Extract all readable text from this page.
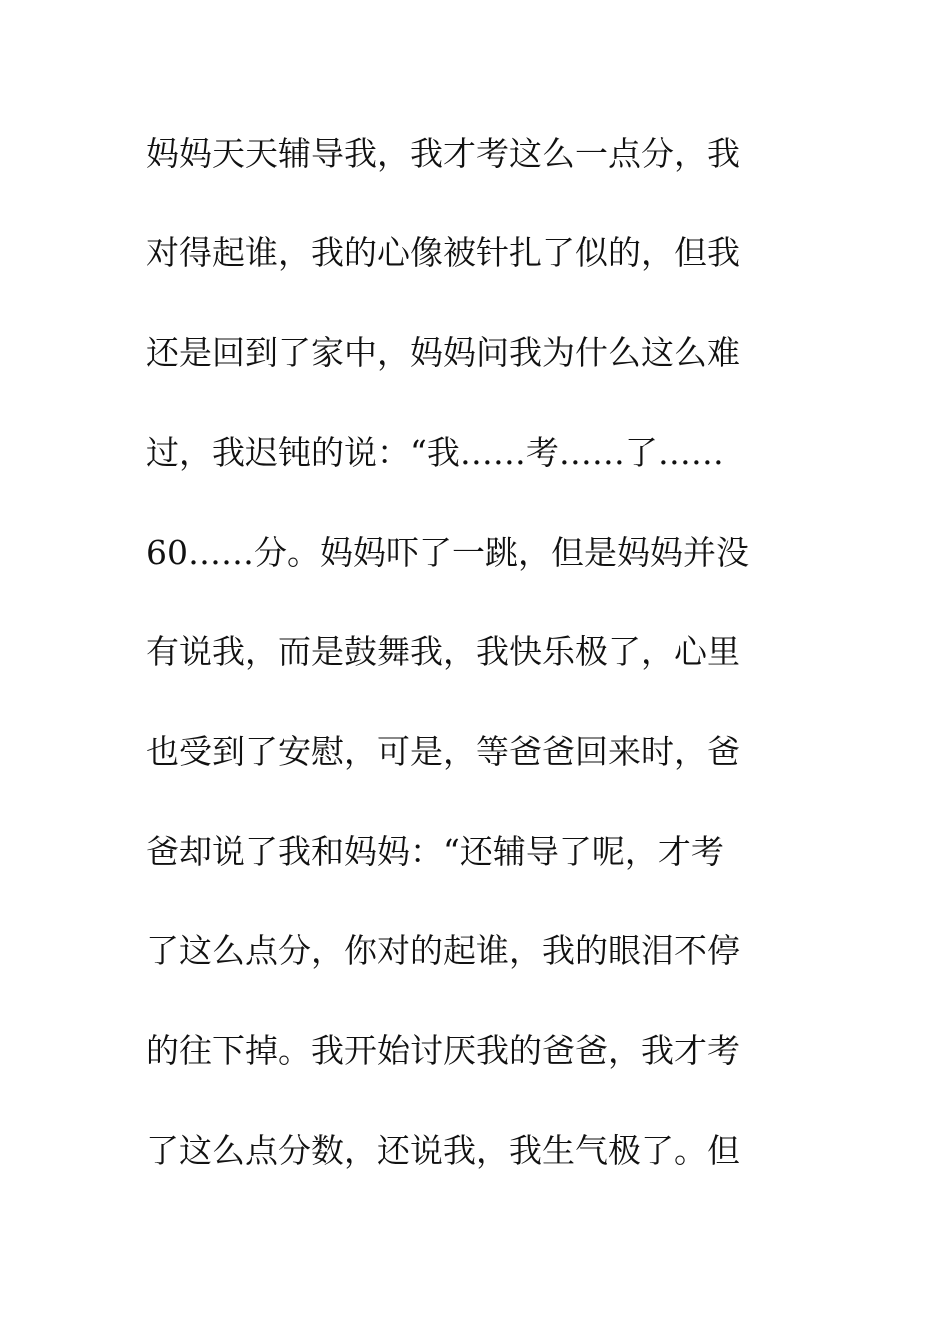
妈妈天天辅导我，我才考这么一点分，我
对得起谁，我的心像被针扎了似的，但我
还是回到了家中，妈妈问我为什么这么难
过，我迟钝的说：“我……考……了……
60……分。妈妈吓了一跳，但是妈妈并没
有说我，而是鼓舞我，我快乐极了，心里
也受到了安慰，可是，等爸爸回来时，爸
爸却说了我和妈妈：“还辅导了呢，才考
了这么点分，你对的起谁，我的眼泪不停
的往下掉。我开始讨厌我的爸爸，我才考
了这么点分数，还说我，我生气极了。但
